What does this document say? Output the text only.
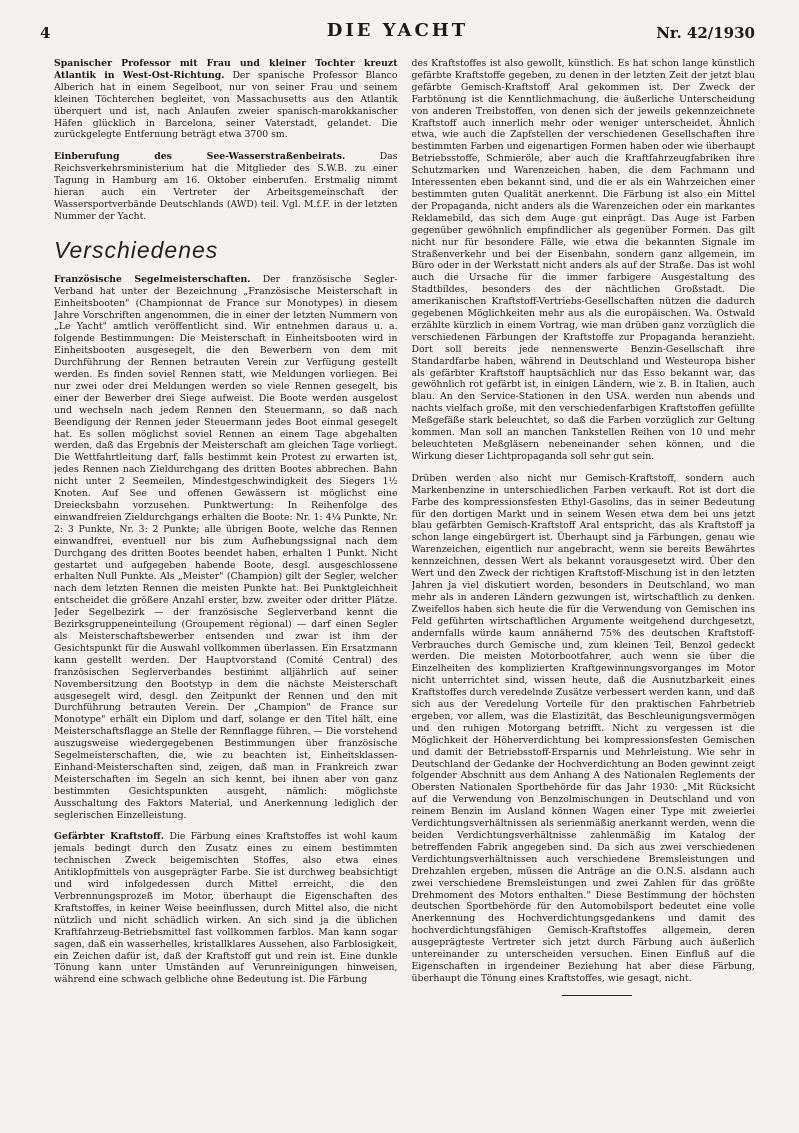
4	DIE YACHT	Nr. 42/1930

Spanischer Professor mit Frau und kleiner Tochter kreuzt Atlantik in West-Ost-Richtung. Der spanische Professor Blanco Alberich hat in einem Segelboot, nur von seiner Frau und seinem kleinen Töchterchen begleitet, von Massachusetts aus den Atlantik überquert und ist, nach Anlaufen zweier spanisch-marokkanischer Häfen glücklich in Barcelona, seiner Vaterstadt, gelandet. Die zurückgelegte Entfernung beträgt etwa 3700 sm.

Einberufung des See-Wasserstraßenbeirats. Das Reichsverkehrsministerium hat die Mitglieder des S.W.B. zu einer Tagung in Hamburg am 16. Oktober einberufen. Erstmalig nimmt hieran auch ein Vertreter der Arbeitsgemeinschaft der Wassersportverbände Deutschlands (AWD) teil. Vgl. M.f.F. in der letzten Nummer der Yacht.

Verschiedenes

Französische Segelmeisterschaften. Der französische Segler-Verband hat unter der Bezeichnung „Französische Meisterschaft in Einheitsbooten" (Championnat de France sur Monotypes) in diesem Jahre Vorschriften angenommen, die in einer der letzten Nummern von „Le Yacht" amtlich veröffentlicht sind. Wir entnehmen daraus u. a. folgende Bestimmungen: Die Meisterschaft in Einheitsbooten wird in Einheitsbooten ausgesegelt, die den Bewerbern von dem mit Durchführung der Rennen betrauten Verein zur Verfügung gestellt werden. Es finden soviel Rennen statt, wie Meldungen vorliegen. Bei nur zwei oder drei Meldungen werden so viele Rennen gesegelt, bis einer der Bewerber drei Siege aufweist. Die Boote werden ausgelost und wechseln nach jedem Rennen den Steuermann, so daß nach Beendigung der Rennen jeder Steuermann jedes Boot einmal gesegelt hat. Es sollen möglichst soviel Rennen an einem Tage abgehalten werden, daß das Ergebnis der Meisterschaft am gleichen Tage vorliegt. Die Wettfahrtleitung darf, falls bestimmt kein Protest zu erwarten ist, jedes Rennen nach Zieldurchgang des dritten Bootes abbrechen. Bahn nicht unter 2 Seemeilen, Mindestgeschwindigkeit des Siegers 1½ Knoten. Auf See und offenen Gewässern ist möglichst eine Dreiecksbahn vorzusehen. Punktwertung: In Reihenfolge des einwandfreien Zieldurchgangs erhalten die Boote: Nr. 1: 4¼ Punkte, Nr. 2: 3 Punkte, Nr. 3: 2 Punkte; alle übrigen Boote, welche das Rennen einwandfrei, eventuell nur bis zum Aufhebungssignal nach dem Durchgang des dritten Bootes beendet haben, erhalten 1 Punkt. Nicht gestartet und aufgegeben habende Boote, desgl. ausgeschlossene erhalten Null Punkte. Als „Meister" (Champion) gilt der Segler, welcher nach dem letzten Rennen die meisten Punkte hat. Bei Punktgleichheit entscheidet die größere Anzahl erster, bzw. zweiter oder dritter Plätze. Jeder Segelbezirk — der französische Seglerverband kennt die Bezirksgruppeneinteilung (Groupement régional) — darf einen Segler als Meisterschaftsbewerber entsenden und zwar ist ihm der Gesichtspunkt für die Auswahl vollkommen überlassen. Ein Ersatzmann kann gestellt werden. Der Hauptvorstand (Comité Central) des französischen Seglerverbandes bestimmt alljährlich auf seiner Novembersitzung den Bootstyp in dem die nächste Meisterschaft ausgesegelt wird, desgl. den Zeitpunkt der Rennen und den mit Durchführung betrauten Verein. Der „Champion" de France sur Monotype" erhält ein Diplom und darf, solange er den Titel hält, eine Meisterschaftsflagge an Stelle der Rennflagge führen. — Die vorstehend auszugsweise wiedergegebenen Bestimmungen über französische Segelmeisterschaften, die, wie zu beachten ist, Einheitsklassen-Einhand-Meisterschaften sind, zeigen, daß man in Frankreich zwar Meisterschaften im Segeln an sich kennt, bei ihnen aber von ganz bestimmten Gesichtspunkten ausgeht, nämlich: möglichste Ausschaltung des Faktors Material, und Anerkennung lediglich der seglerischen Einzelleistung.

Gefärbter Kraftstoff. Die Färbung eines Kraftstoffes ist wohl kaum jemals bedingt durch den Zusatz eines zu einem bestimmten technischen Zweck beigemischten Stoffes, also etwa eines Antiklopfmittels von ausgeprägter Farbe. Sie ist durchweg beabsichtigt und wird infolgedessen durch Mittel erreicht, die den Verbrennungsprozeß im Motor, überhaupt die Eigenschaften des Kraftstoffes, in keiner Weise beeinflussen, durch Mittel also, die nicht nützlich und nicht schädlich wirken. An sich sind ja die üblichen Kraftfahrzeug-Betriebsmittel fast vollkommen farblos. Man kann sogar sagen, daß ein wasserhelles, kristallklares Aussehen, also Farblosigkeit, ein Zeichen dafür ist, daß der Kraftstoff gut und rein ist. Eine dunkle Tönung kann unter Umständen auf Verunreinigungen hinweisen, während eine schwach gelbliche ohne Bedeutung ist. Die Färbung

des Kraftstoffes ist also gewollt, künstlich. Es hat schon lange künstlich gefärbte Kraftstoffe gegeben, zu denen in der letzten Zeit der jetzt blau gefärbte Gemisch-Kraftstoff Aral gekommen ist. Der Zweck der Farbtönung ist die Kenntlichmachung, die äußerliche Unterscheidung von anderen Treibstoffen, von denen sich der jeweils gekennzeichnete Kraftstoff auch innerlich mehr oder weniger unterscheidet. Ähnlich etwa, wie auch die Zapfstellen der verschiedenen Gesellschaften ihre bestimmten Farben und eigenartigen Formen haben oder wie überhaupt Betriebsstoffe, Schmieröle, aber auch die Kraftfahrzeugfabriken ihre Schutzmarken und Warenzeichen haben, die dem Fachmann und Interessenten eben bekannt sind, und die er als ein Wahrzeichen einer bestimmten guten Qualität anerkennt. Die Färbung ist also ein Mittel der Propaganda, nicht anders als die Warenzeichen oder ein markantes Reklamebild, das sich dem Auge gut einprägt. Das Auge ist Farben gegenüber gewöhnlich empfindlicher als gegenüber Formen. Das gilt nicht nur für besondere Fälle, wie etwa die bekannten Signale im Straßenverkehr und bei der Eisenbahn, sondern ganz allgemein, im Büro oder in der Werkstatt nicht anders als auf der Straße. Das ist wohl auch die Ursache für die immer farbigere Ausgestaltung des Stadtbildes, besonders des der nächtlichen Großstadt. Die amerikanischen Kraftstoff-Vertriebs-Gesellschaften nützen die dadurch gegebenen Möglichkeiten mehr aus als die europäischen. Wa. Ostwald erzählte kürzlich in einem Vortrag, wie man drüben ganz vorzüglich die verschiedenen Färbungen der Kraftstoffe zur Propaganda heranzieht. Dort soll bereits jede nennenswerte Benzin-Gesellschaft ihre Standardfarbe haben, während in Deutschland und Westeuropa bisher als gefärbter Kraftstoff hauptsächlich nur das Esso bekannt war, das gewöhnlich rot gefärbt ist, in einigen Ländern, wie z. B. in Italien, auch blau. An den Service-Stationen in den USA. werden nun abends und nachts vielfach große, mit den verschiedenfarbigen Kraftstoffen gefüllte Meßgefäße stark beleuchtet, so daß die Farben vorzüglich zur Geltung kommen. Man soll an manchen Tankstellen Reihen von 10 und mehr beleuchteten Meßgläsern nebeneinander sehen können, und die Wirkung dieser Lichtpropaganda soll sehr gut sein.

Drüben werden also nicht nur Gemisch-Kraftstoff, sondern auch Markenbenzine in unterschiedlichen Farben verkauft. Rot ist dort die Farbe des kompressionsfesten Ethyl-Gasolins, das in seiner Bedeutung für den dortigen Markt und in seinem Wesen etwa dem bei uns jetzt blau gefärbten Gemisch-Kraftstoff Aral entspricht, das als Kraftstoff ja schon lange eingebürgert ist. Überhaupt sind ja Färbungen, genau wie Warenzeichen, eigentlich nur angebracht, wenn sie bereits Bewährtes kennzeichnen, dessen Wert als bekannt vorausgesetzt wird. Über den Wert und den Zweck der richtigen Kraftstoff-Mischung ist in den letzten Jahren ja viel diskutiert worden, besonders in Deutschland, wo man mehr als in anderen Ländern gezwungen ist, wirtschaftlich zu denken. Zweifellos haben sich heute die für die Verwendung von Gemischen ins Feld geführten wirtschaftlichen Argumente weitgehend durchgesetzt, andernfalls würde kaum annähernd 75% des deutschen Kraftstoff-Verbrauches durch Gemische und, zum kleinen Teil, Benzol gedeckt werden. Die meisten Motorbootfahrer, auch wenn sie über die Einzelheiten des komplizierten Kraftgewinnungsvorganges im Motor nicht unterrichtet sind, wissen heute, daß die Ausnutzbarkeit eines Kraftstoffes durch veredelnde Zusätze verbessert werden kann, und daß sich aus der Veredelung Vorteile für den praktischen Fahrbetrieb ergeben, vor allem, was die Elastizität, das Beschleunigungsvermögen und den ruhigen Motorgang betrifft. Nicht zu vergessen ist die Möglichkeit der Höherverdichtung bei kompressionsfesten Gemischen und damit der Betriebsstoff-Ersparnis und Mehrleistung. Wie sehr in Deutschland der Gedanke der Hochverdichtung an Boden gewinnt zeigt folgender Abschnitt aus dem Anhang A des Nationalen Reglements der Obersten Nationalen Sportbehörde für das Jahr 1930: „Mit Rücksicht auf die Verwendung von Benzolmischungen in Deutschland und von reinem Benzin im Ausland können Wagen einer Type mit zweierlei Verdichtungsverhältnissen als serienmäßig anerkannt werden, wenn die beiden Verdichtungsverhältnisse zahlenmäßig im Katalog der betreffenden Fabrik angegeben sind. Da sich aus zwei verschiedenen Verdichtungsverhältnissen auch verschiedene Bremsleistungen und Drehzahlen ergeben, müssen die Anträge an die O.N.S. alsdann auch zwei verschiedene Bremsleistungen und zwei Zahlen für das größte Drehmoment des Motors enthalten." Diese Bestimmung der höchsten deutschen Sportbehörde für den Automobilsport bedeutet eine volle Anerkennung des Hochverdichtungsgedankens und damit des hochverdichtungsfähigen Gemisch-Kraftstoffes allgemein, deren ausgeprägteste Vertreter sich jetzt durch Färbung auch äußerlich untereinander zu unterscheiden versuchen. Einen Einfluß auf die Eigenschaften in irgendeiner Beziehung hat aber diese Färbung, überhaupt die Tönung eines Kraftstoffes, wie gesagt, nicht.
